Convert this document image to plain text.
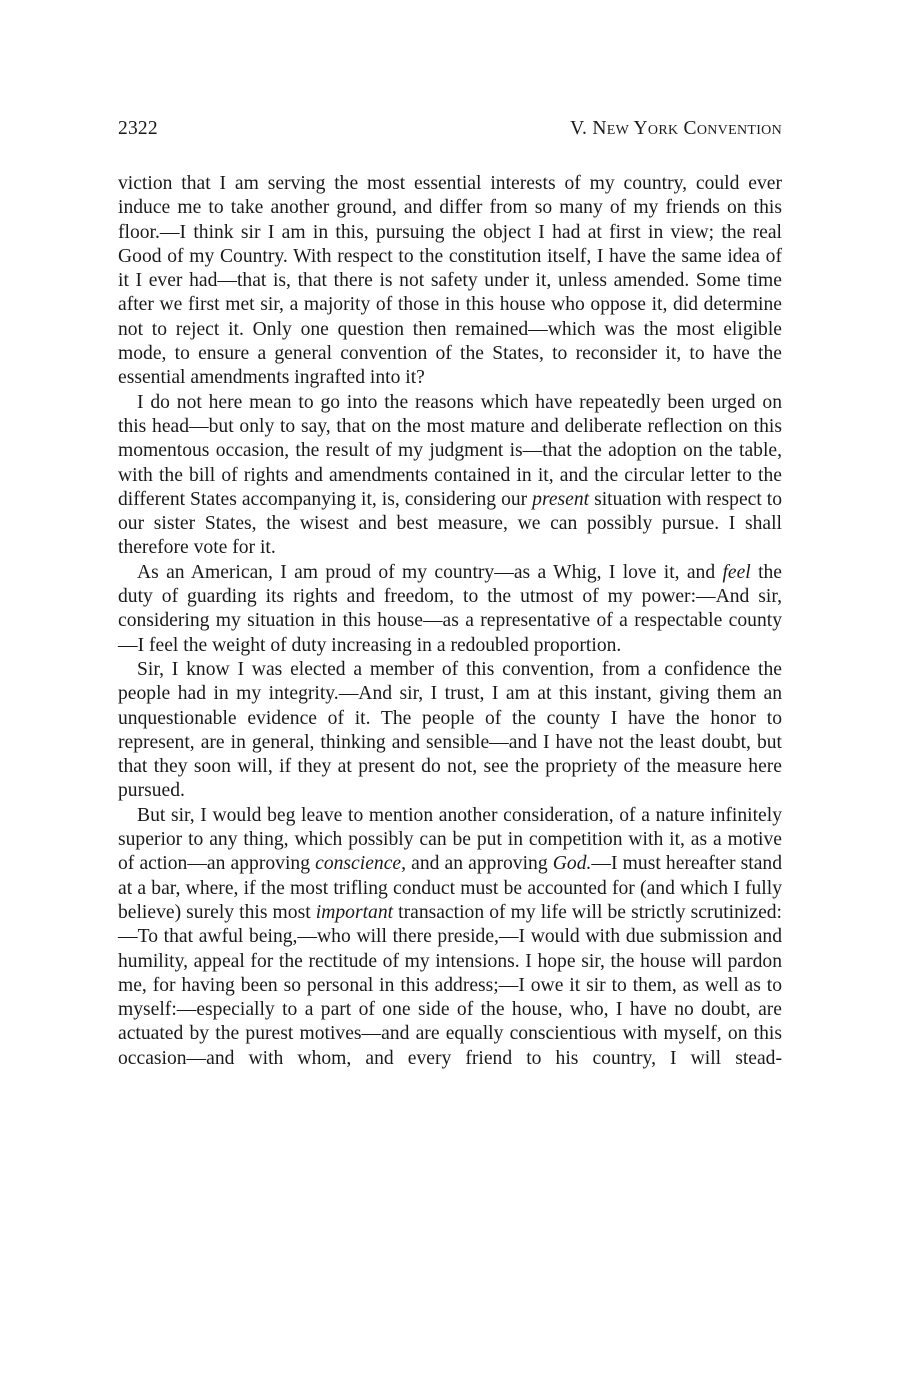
2322	V. New York Convention

viction that I am serving the most essential interests of my country, could ever induce me to take another ground, and differ from so many of my friends on this floor.—I think sir I am in this, pursuing the object I had at first in view; the real Good of my Country. With respect to the constitution itself, I have the same idea of it I ever had—that is, that there is not safety under it, unless amended. Some time after we first met sir, a majority of those in this house who oppose it, did determine not to reject it. Only one question then remained—which was the most eligible mode, to ensure a general convention of the States, to reconsider it, to have the essential amendments ingrafted into it?

I do not here mean to go into the reasons which have repeatedly been urged on this head—but only to say, that on the most mature and deliberate reflection on this momentous occasion, the result of my judgment is—that the adoption on the table, with the bill of rights and amendments contained in it, and the circular letter to the different States accompanying it, is, considering our present situation with respect to our sister States, the wisest and best measure, we can possibly pursue. I shall therefore vote for it.

As an American, I am proud of my country—as a Whig, I love it, and feel the duty of guarding its rights and freedom, to the utmost of my power:—And sir, considering my situation in this house—as a representative of a respectable county—I feel the weight of duty increasing in a redoubled proportion.

Sir, I know I was elected a member of this convention, from a confidence the people had in my integrity.—And sir, I trust, I am at this instant, giving them an unquestionable evidence of it. The people of the county I have the honor to represent, are in general, thinking and sensible—and I have not the least doubt, but that they soon will, if they at present do not, see the propriety of the measure here pursued.

But sir, I would beg leave to mention another consideration, of a nature infinitely superior to any thing, which possibly can be put in competition with it, as a motive of action—an approving conscience, and an approving God.—I must hereafter stand at a bar, where, if the most trifling conduct must be accounted for (and which I fully believe) surely this most important transaction of my life will be strictly scrutinized:—To that awful being,—who will there preside,—I would with due submission and humility, appeal for the rectitude of my intensions. I hope sir, the house will pardon me, for having been so personal in this address;—I owe it sir to them, as well as to myself:—especially to a part of one side of the house, who, I have no doubt, are actuated by the purest motives—and are equally conscientious with myself, on this occasion—and with whom, and every friend to his country, I will stead-
